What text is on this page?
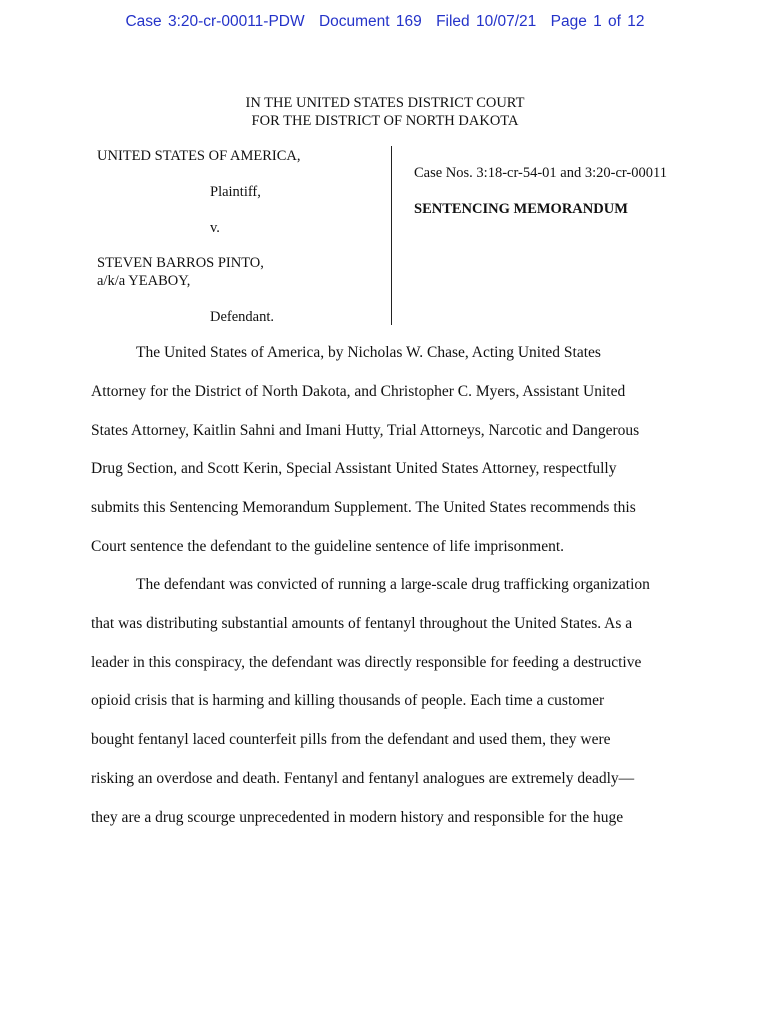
Case 3:20-cr-00011-PDW Document 169 Filed 10/07/21 Page 1 of 12
IN THE UNITED STATES DISTRICT COURT
FOR THE DISTRICT OF NORTH DAKOTA
UNITED STATES OF AMERICA,
Plaintiff,
v.
STEVEN BARROS PINTO,
a/k/a YEABOY,
Defendant.
Case Nos. 3:18-cr-54-01 and 3:20-cr-00011
SENTENCING MEMORANDUM

The United States of America, by Nicholas W. Chase, Acting United States

Attorney for the District of North Dakota, and Christopher C. Myers, Assistant United

States Attorney, Kaitlin Sahni and Imani Hutty, Trial Attorneys, Narcotic and Dangerous

Drug Section, and Scott Kerin, Special Assistant United States Attorney, respectfully

submits this Sentencing Memorandum Supplement. The United States recommends this

Court sentence the defendant to the guideline sentence of life imprisonment.

The defendant was convicted of running a large-scale drug trafficking organization

that was distributing substantial amounts of fentanyl throughout the United States. As a

leader in this conspiracy, the defendant was directly responsible for feeding a destructive

opioid crisis that is harming and killing thousands of people. Each time a customer

bought fentanyl laced counterfeit pills from the defendant and used them, they were

risking an overdose and death. Fentanyl and fentanyl analogues are extremely deadly—

they are a drug scourge unprecedented in modern history and responsible for the huge
